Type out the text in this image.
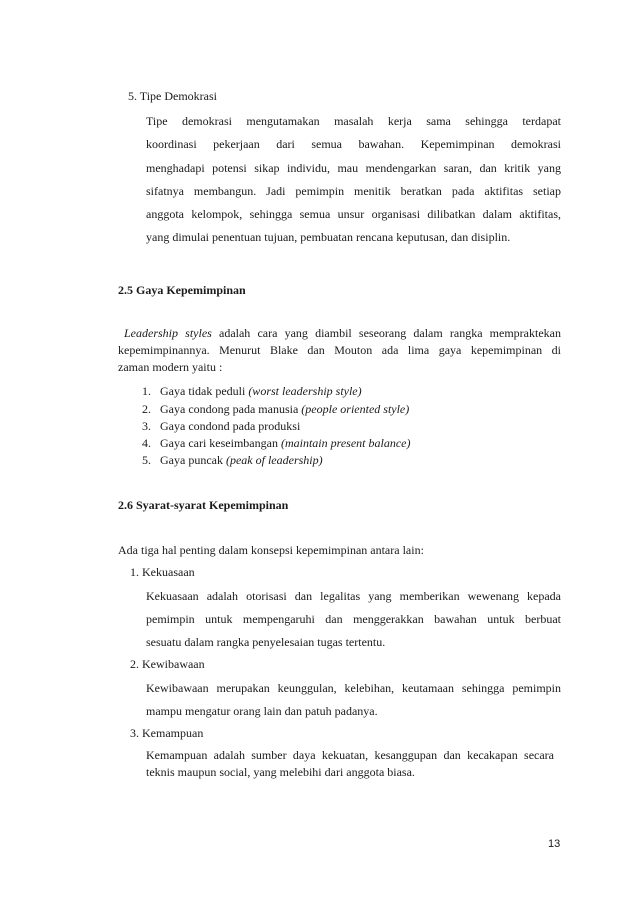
5. Tipe Demokrasi
Tipe demokrasi mengutamakan masalah kerja sama sehingga terdapat
koordinasi pekerjaan dari semua bawahan. Kepemimpinan demokrasi
menghadapi potensi sikap individu, mau mendengarkan saran, dan kritik yang
sifatnya membangun. Jadi pemimpin menitik beratkan pada aktifitas setiap
anggota kelompok, sehingga semua unsur organisasi dilibatkan dalam aktifitas,
yang dimulai penentuan tujuan, pembuatan rencana keputusan, dan disiplin.
2.5 Gaya Kepemimpinan
Leadership styles adalah cara yang diambil seseorang dalam rangka mempraktekan
kepemimpinannya. Menurut Blake dan Mouton ada lima gaya kepemimpinan di
zaman modern yaitu :
1. Gaya tidak peduli (worst leadership style)
2. Gaya condong pada manusia (people oriented style)
3. Gaya condond pada produksi
4. Gaya cari keseimbangan (maintain present balance)
5. Gaya puncak (peak of leadership)
2.6 Syarat-syarat Kepemimpinan
Ada tiga hal penting dalam konsepsi kepemimpinan antara lain:
1. Kekuasaan
Kekuasaan adalah otorisasi dan legalitas yang memberikan wewenang kepada
pemimpin untuk mempengaruhi dan menggerakkan bawahan untuk berbuat
sesuatu dalam rangka penyelesaian tugas tertentu.
2. Kewibawaan
Kewibawaan merupakan keunggulan, kelebihan, keutamaan sehingga pemimpin
mampu mengatur orang lain dan patuh padanya.
3. Kemampuan
Kemampuan adalah sumber daya kekuatan, kesanggupan dan kecakapan secara
teknis maupun social, yang melebihi dari anggota biasa.
13
